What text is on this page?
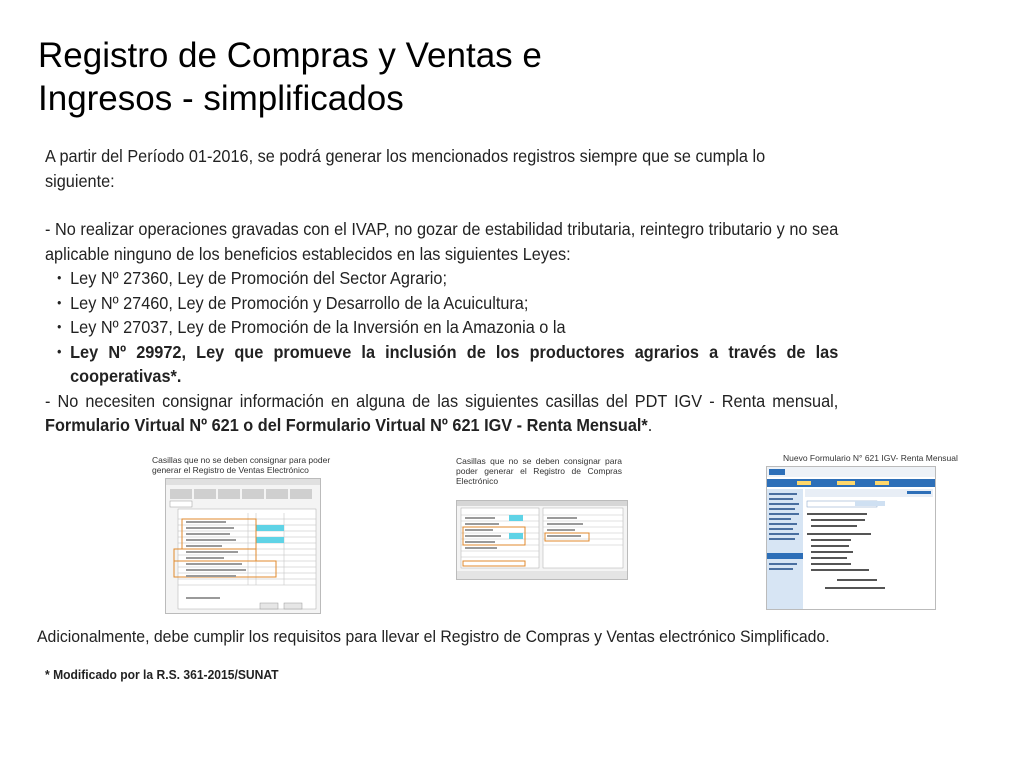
Registro de Compras y Ventas e
Ingresos - simplificados

A partir del Período 01-2016, se podrá generar los mencionados registros siempre que se cumpla lo siguiente:

- No realizar operaciones gravadas con el IVAP, no gozar de estabilidad tributaria, reintegro tributario y no sea aplicable ninguno de los beneficios establecidos en las siguientes Leyes:

• Ley Nº 27360, Ley de Promoción del Sector Agrario;
• Ley Nº 27460, Ley de Promoción y Desarrollo de la Acuicultura;
• Ley Nº 27037, Ley de Promoción de la Inversión en la Amazonia o la
• Ley Nº 29972, Ley que promueve la inclusión de los productores agrarios a través de las cooperativas*.

- No necesiten consignar información en alguna de las siguientes casillas del PDT IGV - Renta mensual, Formulario Virtual Nº 621 o del Formulario Virtual Nº 621 IGV - Renta Mensual*.

Casillas que no se deben consignar para poder generar el Registro de Ventas Electrónico
Casillas que no se deben consignar para poder generar el Registro de Compras Electrónico
Nuevo Formulario N° 621 IGV- Renta Mensual
Adicionalmente, debe cumplir los requisitos para llevar el Registro de Compras y Ventas electrónico Simplificado.
* Modificado por la R.S. 361-2015/SUNAT
